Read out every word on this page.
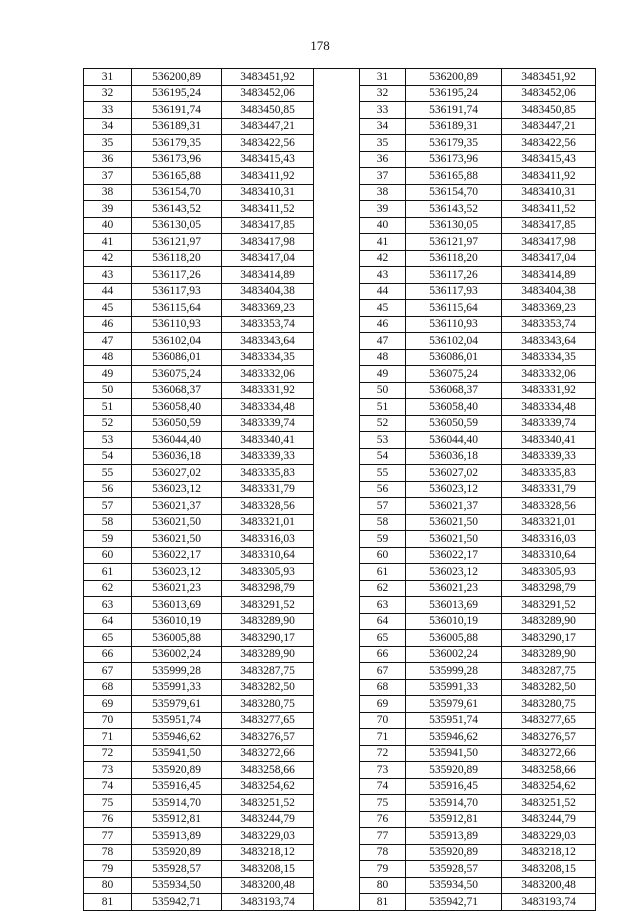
178
31	536200,89	3483451,92		31	536200,89	3483451,92
32	536195,24	3483452,06		32	536195,24	3483452,06
33	536191,74	3483450,85		33	536191,74	3483450,85
34	536189,31	3483447,21		34	536189,31	3483447,21
35	536179,35	3483422,56		35	536179,35	3483422,56
36	536173,96	3483415,43		36	536173,96	3483415,43
37	536165,88	3483411,92		37	536165,88	3483411,92
38	536154,70	3483410,31		38	536154,70	3483410,31
39	536143,52	3483411,52		39	536143,52	3483411,52
40	536130,05	3483417,85		40	536130,05	3483417,85
41	536121,97	3483417,98		41	536121,97	3483417,98
42	536118,20	3483417,04		42	536118,20	3483417,04
43	536117,26	3483414,89		43	536117,26	3483414,89
44	536117,93	3483404,38		44	536117,93	3483404,38
45	536115,64	3483369,23		45	536115,64	3483369,23
46	536110,93	3483353,74		46	536110,93	3483353,74
47	536102,04	3483343,64		47	536102,04	3483343,64
48	536086,01	3483334,35		48	536086,01	3483334,35
49	536075,24	3483332,06		49	536075,24	3483332,06
50	536068,37	3483331,92		50	536068,37	3483331,92
51	536058,40	3483334,48		51	536058,40	3483334,48
52	536050,59	3483339,74		52	536050,59	3483339,74
53	536044,40	3483340,41		53	536044,40	3483340,41
54	536036,18	3483339,33		54	536036,18	3483339,33
55	536027,02	3483335,83		55	536027,02	3483335,83
56	536023,12	3483331,79		56	536023,12	3483331,79
57	536021,37	3483328,56		57	536021,37	3483328,56
58	536021,50	3483321,01		58	536021,50	3483321,01
59	536021,50	3483316,03		59	536021,50	3483316,03
60	536022,17	3483310,64		60	536022,17	3483310,64
61	536023,12	3483305,93		61	536023,12	3483305,93
62	536021,23	3483298,79		62	536021,23	3483298,79
63	536013,69	3483291,52		63	536013,69	3483291,52
64	536010,19	3483289,90		64	536010,19	3483289,90
65	536005,88	3483290,17		65	536005,88	3483290,17
66	536002,24	3483289,90		66	536002,24	3483289,90
67	535999,28	3483287,75		67	535999,28	3483287,75
68	535991,33	3483282,50		68	535991,33	3483282,50
69	535979,61	3483280,75		69	535979,61	3483280,75
70	535951,74	3483277,65		70	535951,74	3483277,65
71	535946,62	3483276,57		71	535946,62	3483276,57
72	535941,50	3483272,66		72	535941,50	3483272,66
73	535920,89	3483258,66		73	535920,89	3483258,66
74	535916,45	3483254,62		74	535916,45	3483254,62
75	535914,70	3483251,52		75	535914,70	3483251,52
76	535912,81	3483244,79		76	535912,81	3483244,79
77	535913,89	3483229,03		77	535913,89	3483229,03
78	535920,89	3483218,12		78	535920,89	3483218,12
79	535928,57	3483208,15		79	535928,57	3483208,15
80	535934,50	3483200,48		80	535934,50	3483200,48
81	535942,71	3483193,74		81	535942,71	3483193,74
